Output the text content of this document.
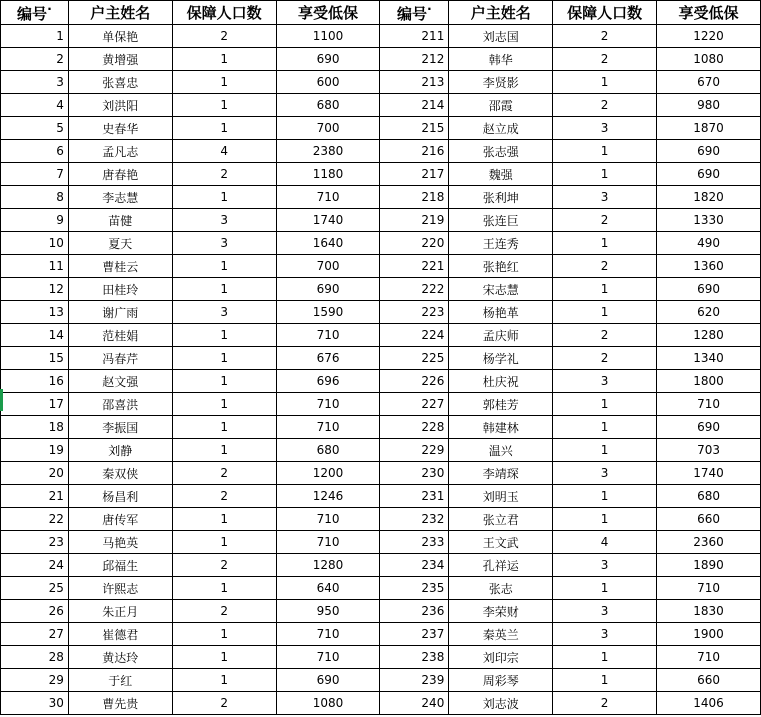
编号·	户主姓名	保障人口数	享受低保	编号·	户主姓名	保障人口数	享受低保
1	单保艳	2	1100	211	刘志国	2	1220
2	黄增强	1	690	212	韩华	2	1080
3	张喜忠	1	600	213	李贤影	1	670
4	刘洪阳	1	680	214	邵霞	2	980
5	史春华	1	700	215	赵立成	3	1870
6	孟凡志	4	2380	216	张志强	1	690
7	唐春艳	2	1180	217	魏强	1	690
8	李志慧	1	710	218	张利坤	3	1820
9	苗健	3	1740	219	张连巨	2	1330
10	夏天	3	1640	220	王连秀	1	490
11	曹桂云	1	700	221	张艳红	2	1360
12	田桂玲	1	690	222	宋志慧	1	690
13	谢广雨	3	1590	223	杨艳革	1	620
14	范桂娟	1	710	224	孟庆师	2	1280
15	冯春芹	1	676	225	杨学礼	2	1340
16	赵文强	1	696	226	杜庆祝	3	1800
17	邵喜洪	1	710	227	郭桂芳	1	710
18	李振国	1	710	228	韩建林	1	690
19	刘静	1	680	229	温兴	1	703
20	秦双侠	2	1200	230	李靖琛	3	1740
21	杨昌利	2	1246	231	刘明玉	1	680
22	唐传军	1	710	232	张立君	1	660
23	马艳英	1	710	233	王文武	4	2360
24	邱福生	2	1280	234	孔祥运	3	1890
25	许熙志	1	640	235	张志	1	710
26	朱正月	2	950	236	李荣财	3	1830
27	崔德君	1	710	237	秦英兰	3	1900
28	黄达玲	1	710	238	刘印宗	1	710
29	于红	1	690	239	周彩琴	1	660
30	曹先贵	2	1080	240	刘志波	2	1406
